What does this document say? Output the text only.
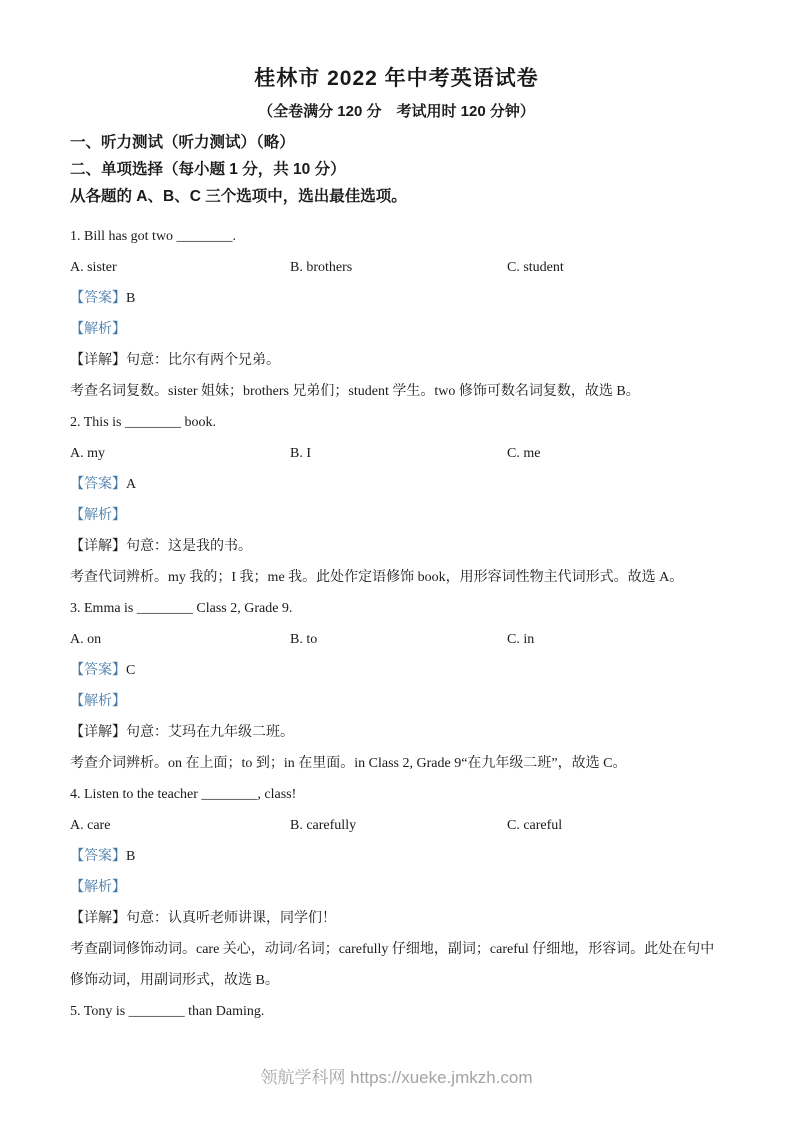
桂林市 2022 年中考英语试卷

（全卷满分 120 分　考试用时 120 分钟）

一、听力测试（听力测试）（略）

二、单项选择（每小题 1 分，共 10 分）

从各题的 A、B、C 三个选项中，选出最佳选项。

1. Bill has got two ________.

A. sister	B. brothers	C. student

【答案】B

【解析】

【详解】句意：比尔有两个兄弟。

考查名词复数。sister 姐妹；brothers 兄弟们；student 学生。two 修饰可数名词复数，故选 B。

2. This is ________ book.

A. my	B. I	C. me

【答案】A

【解析】

【详解】句意：这是我的书。

考查代词辨析。my 我的；I 我；me 我。此处作定语修饰 book，用形容词性物主代词形式。故选 A。

3. Emma is ________ Class 2, Grade 9.

A. on	B. to	C. in

【答案】C

【解析】

【详解】句意：艾玛在九年级二班。

考查介词辨析。on 在上面；to 到；in 在里面。in Class 2, Grade 9“在九年级二班”，故选 C。

4. Listen to the teacher ________, class!

A. care	B. carefully	C. careful

【答案】B

【解析】

【详解】句意：认真听老师讲课，同学们！

考查副词修饰动词。care 关心，动词/名词；carefully 仔细地，副词；careful 仔细地，形容词。此处在句中修饰动词，用副词形式，故选 B。

5. Tony is ________ than Daming.

领航学科网 https://xueke.jmkzh.com
